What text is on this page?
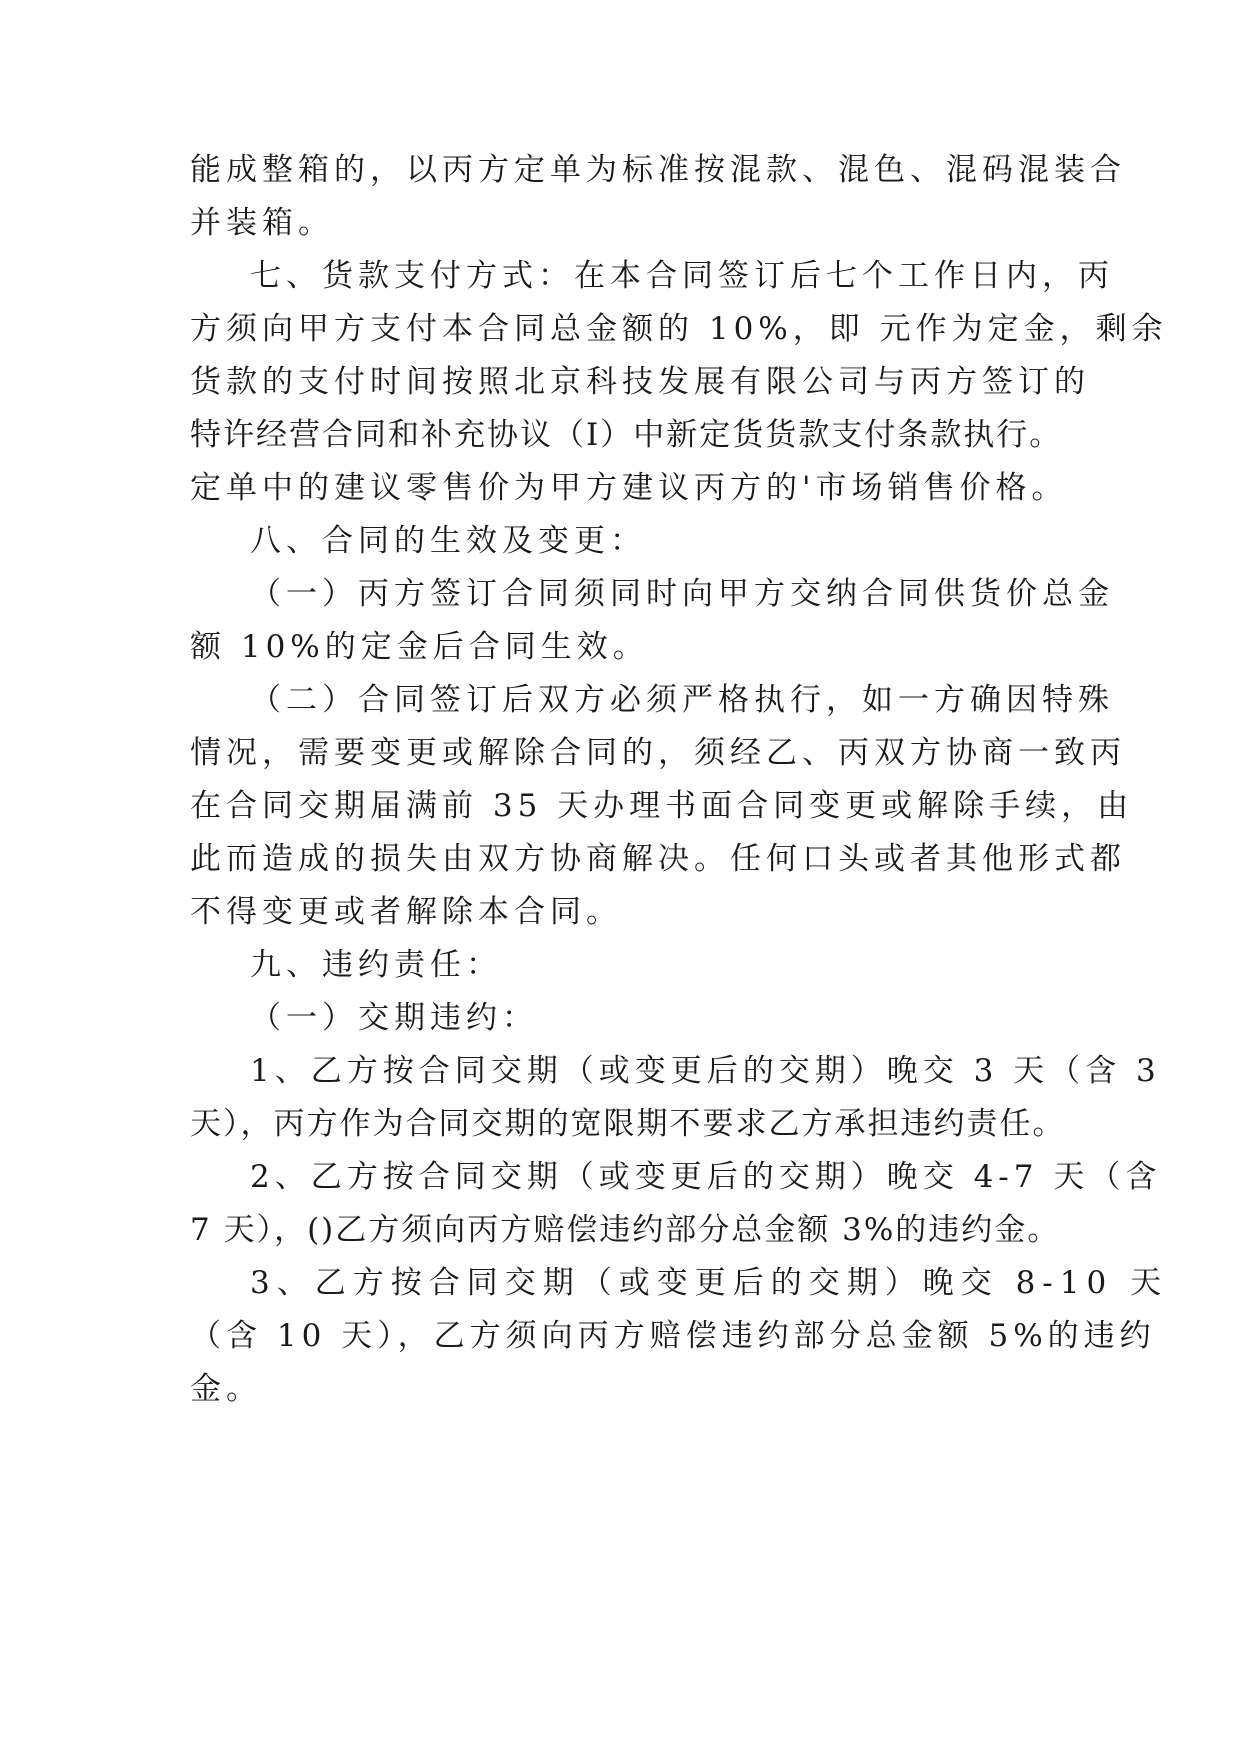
能成整箱的，以丙方定单为标准按混款、混色、混码混装合
并装箱。
七、货款支付方式：在本合同签订后七个工作日内，丙
方须向甲方支付本合同总金额的 10%，即 元作为定金，剩余
货款的支付时间按照北京科技发展有限公司与丙方签订的
特许经营合同和补充协议（Ⅰ）中新定货货款支付条款执行。
定单中的建议零售价为甲方建议丙方的'市场销售价格。
八、合同的生效及变更：
（一）丙方签订合同须同时向甲方交纳合同供货价总金
额 10%的定金后合同生效。
（二）合同签订后双方必须严格执行，如一方确因特殊
情况，需要变更或解除合同的，须经乙、丙双方协商一致丙
在合同交期届满前 35 天办理书面合同变更或解除手续，由
此而造成的损失由双方协商解决。任何口头或者其他形式都
不得变更或者解除本合同。
九、违约责任：
（一）交期违约：
1、乙方按合同交期（或变更后的交期）晚交 3 天（含 3
天），丙方作为合同交期的宽限期不要求乙方承担违约责任。
2、乙方按合同交期（或变更后的交期）晚交 4-7 天（含
7 天），()乙方须向丙方赔偿违约部分总金额 3%的违约金。
3、乙方按合同交期（或变更后的交期）晚交 8-10 天
（含 10 天），乙方须向丙方赔偿违约部分总金额 5%的违约
金。
